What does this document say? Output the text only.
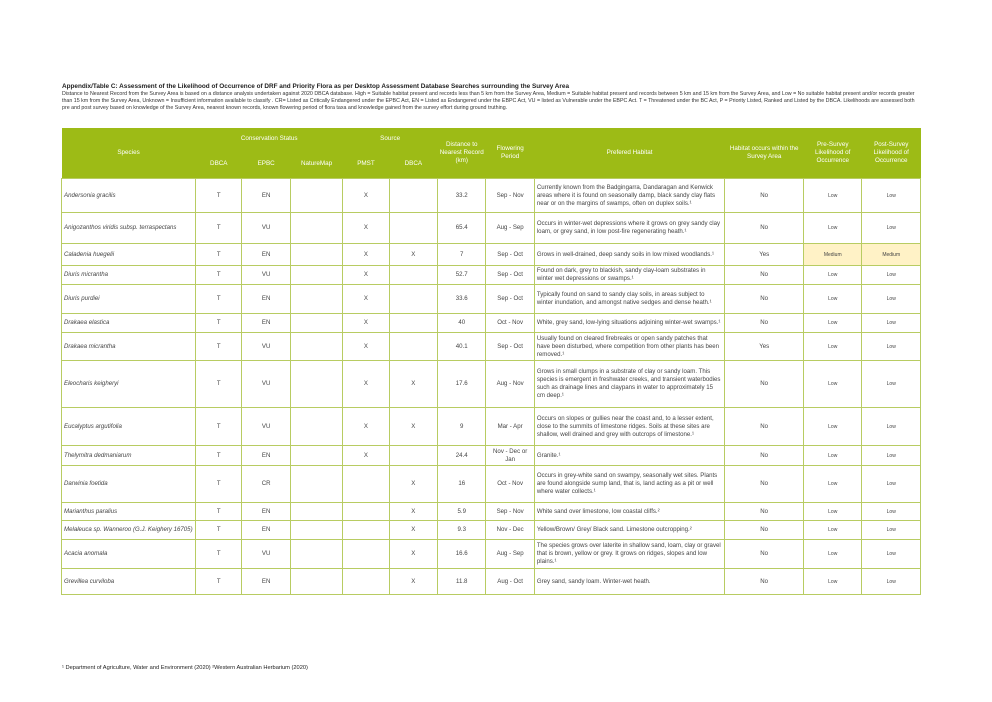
Appendix/Table C: Assessment of the Likelihood of Occurrence of DRF and Priority Flora as per Desktop Assessment Database Searches surrounding the Survey Area
Distance to Nearest Record from the Survey Area is based on a distance analysis undertaken against 2020 DBCA database. High = Suitable habitat present and records less than 5 km from the Survey Area, Medium = Suitable habitat present and records between 5 km and 15 km from the Survey Area, and Low = No suitable habitat present and/or records greater than 15 km from the Survey Area, Unknown = Insufficient information available to classify . CR= Listed as Critically Endangered under the EPBC Act, EN = Listed as Endangered under the EBPC Act, VU = listed as Vulnerable under the EBPC Act. T = Threatened under the BC Act, P = Priority Listed, Ranked and Listed by the DBCA. Likelihoods are assessed both pre and post survey based on knowledge of the Survey Area, nearest known records, known flowering period of flora taxa and knowledge gained from the survey effort during ground truthing.
Species	Conservation Status			Source		Distance to Nearest Record (km)	Flowering Period	Prefered Habitat	Habitat occurs within the Survey Area	Pre-Survey Likelihood of Occurrence	Post-Survey Likelihood of Occurrence
	DBCA	EPBC	NatureMap	PMST	DBCA						
Andersonia gracilis	T	EN		X		33.2	Sep - Nov	Currently known from the Badgingarra, Dandaragan and Kenwick areas where it is found on seasonally damp, black sandy clay flats near or on the margins of swamps, often on duplex soils.¹	No	Low	Low
Anigozanthos viridis subsp. terraspectans	T	VU		X		65.4	Aug - Sep	Occurs in winter-wet depressions where it grows on grey sandy clay loam, or grey sand, in low post-fire regenerating heath.¹	No	Low	Low
Caladenia huegelii	T	EN		X	X	7	Sep - Oct	Grows in well-drained, deep sandy soils in low mixed woodlands.¹	Yes	Medium	Medium
Diuris micrantha	T	VU		X		52.7	Sep - Oct	Found on dark, grey to blackish, sandy clay-loam substrates in winter wet depressions or swamps.¹	No	Low	Low
Diuris purdiei	T	EN		X		33.6	Sep - Oct	Typically found on sand to sandy clay soils, in areas subject to winter inundation, and amongst native sedges and dense heath.¹	No	Low	Low
Drakaea elastica	T	EN		X		40	Oct - Nov	White, grey sand, low-lying situations adjoining winter-wet swamps.¹	No	Low	Low
Drakaea micrantha	T	VU		X		40.1	Sep - Oct	Usually found on cleared firebreaks or open sandy patches that have been disturbed, where competition from other plants has been removed.¹	Yes	Low	Low
Eleocharis keigheryi	T	VU		X	X	17.6	Aug - Nov	Grows in small clumps in a substrate of clay or sandy loam. This species is emergent in freshwater creeks, and transient waterbodies such as drainage lines and claypans in water to approximately 15 cm deep.¹	No	Low	Low
Eucalyptus argutifolia	T	VU		X	X	9	Mar - Apr	Occurs on slopes or gullies near the coast and, to a lesser extent, close to the summits of limestone ridges. Soils at these sites are shallow, well drained and grey with outcrops of limestone.¹	No	Low	Low
Thelymitra dedmaniarum	T	EN		X		24.4	Nov - Dec or Jan	Granite.¹	No	Low	Low
Darwinia foetida	T	CR			X	16	Oct - Nov	Occurs in grey-white sand on swampy, seasonally wet sites. Plants are found alongside sump land, that is, land acting as a pit or well where water collects.¹	No	Low	Low
Marianthus paralius	T	EN			X	5.9	Sep - Nov	White sand over limestone, low coastal cliffs.²	No	Low	Low
Melaleuca sp. Wanneroo (G.J. Keighery 16705)	T	EN			X	9.3	Nov - Dec	Yellow/Brown/ Grey/ Black sand. Limestone outcropping.²	No	Low	Low
Acacia anomala	T	VU			X	16.6	Aug - Sep	The species grows over laterite in shallow sand, loam, clay or gravel that is brown, yellow or grey. It grows on ridges, slopes and low plains.¹	No	Low	Low
Grevillea curviloba	T	EN			X	11.8	Aug - Oct	Grey sand, sandy loam. Winter-wet heath.	No	Low	Low
¹ Department of Agriculture, Water and Environment (2020) ²Western Australian Herbarium (2020)
